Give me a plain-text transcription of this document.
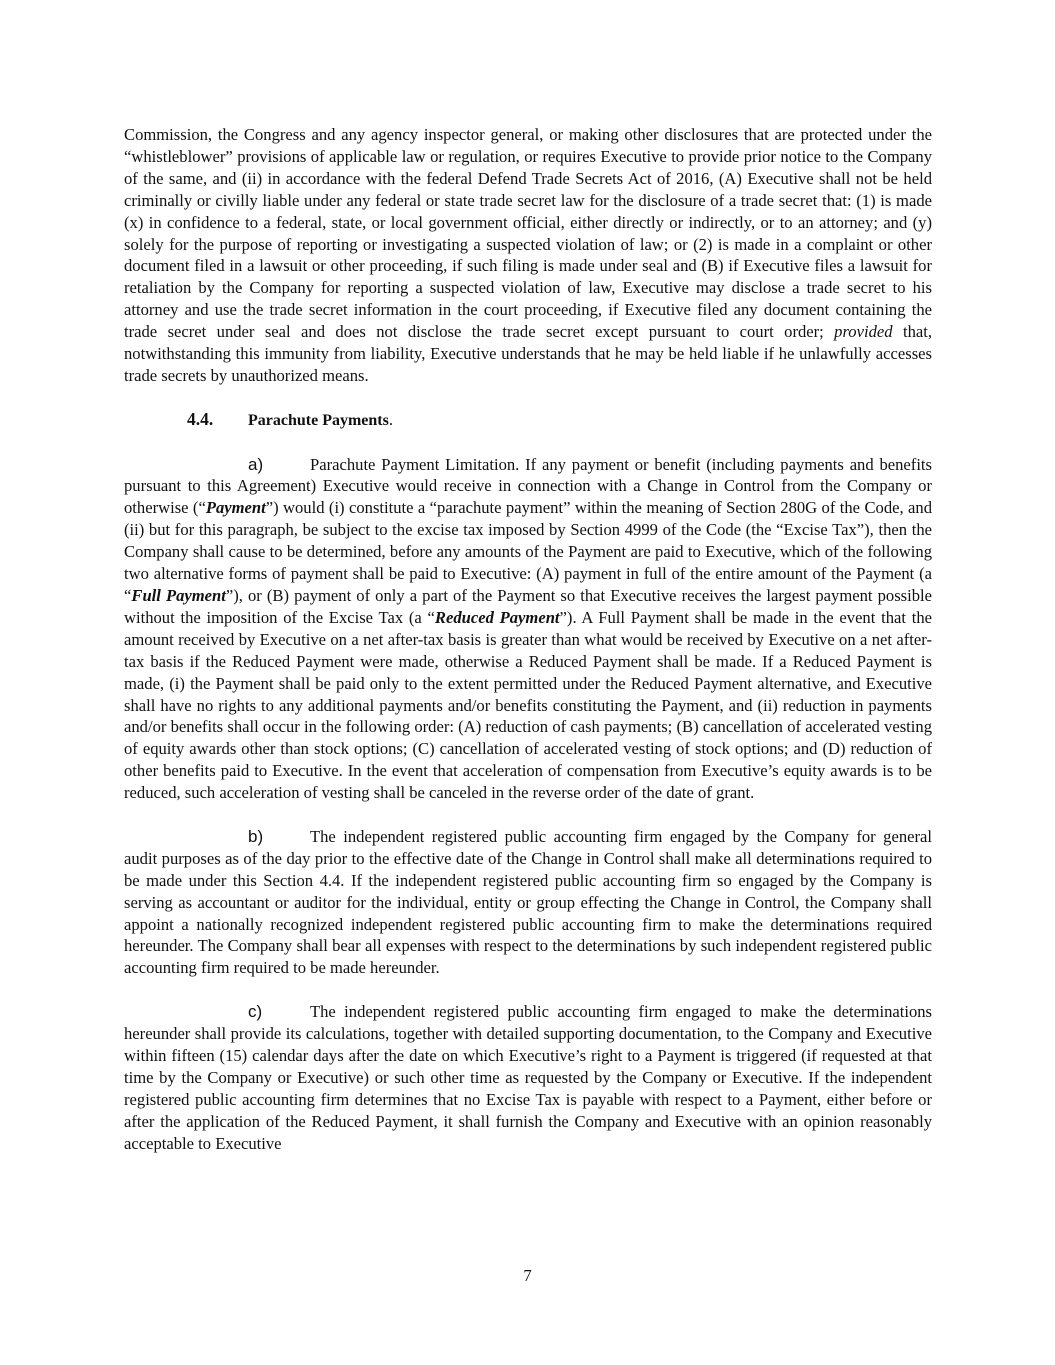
Commission, the Congress and any agency inspector general, or making other disclosures that are protected under the “whistleblower” provisions of applicable law or regulation, or requires Executive to provide prior notice to the Company of the same, and (ii) in accordance with the federal Defend Trade Secrets Act of 2016, (A) Executive shall not be held criminally or civilly liable under any federal or state trade secret law for the disclosure of a trade secret that: (1) is made (x) in confidence to a federal, state, or local government official, either directly or indirectly, or to an attorney; and (y) solely for the purpose of reporting or investigating a suspected violation of law; or (2) is made in a complaint or other document filed in a lawsuit or other proceeding, if such filing is made under seal and (B) if Executive files a lawsuit for retaliation by the Company for reporting a suspected violation of law, Executive may disclose a trade secret to his attorney and use the trade secret information in the court proceeding, if Executive filed any document containing the trade secret under seal and does not disclose the trade secret except pursuant to court order; provided that, notwithstanding this immunity from liability, Executive understands that he may be held liable if he unlawfully accesses trade secrets by unauthorized means.

4.4. Parachute Payments.

a)	Parachute Payment Limitation. If any payment or benefit (including payments and benefits pursuant to this Agreement) Executive would receive in connection with a Change in Control from the Company or otherwise (“Payment”) would (i) constitute a “parachute payment” within the meaning of Section 280G of the Code, and (ii) but for this paragraph, be subject to the excise tax imposed by Section 4999 of the Code (the “Excise Tax”), then the Company shall cause to be determined, before any amounts of the Payment are paid to Executive, which of the following two alternative forms of payment shall be paid to Executive: (A) payment in full of the entire amount of the Payment (a “Full Payment”), or (B) payment of only a part of the Payment so that Executive receives the largest payment possible without the imposition of the Excise Tax (a “Reduced Payment”). A Full Payment shall be made in the event that the amount received by Executive on a net after-tax basis is greater than what would be received by Executive on a net after-tax basis if the Reduced Payment were made, otherwise a Reduced Payment shall be made. If a Reduced Payment is made, (i) the Payment shall be paid only to the extent permitted under the Reduced Payment alternative, and Executive shall have no rights to any additional payments and/or benefits constituting the Payment, and (ii) reduction in payments and/or benefits shall occur in the following order: (A) reduction of cash payments; (B) cancellation of accelerated vesting of equity awards other than stock options; (C) cancellation of accelerated vesting of stock options; and (D) reduction of other benefits paid to Executive. In the event that acceleration of compensation from Executive’s equity awards is to be reduced, such acceleration of vesting shall be canceled in the reverse order of the date of grant.

b)	The independent registered public accounting firm engaged by the Company for general audit purposes as of the day prior to the effective date of the Change in Control shall make all determinations required to be made under this Section 4.4. If the independent registered public accounting firm so engaged by the Company is serving as accountant or auditor for the individual, entity or group effecting the Change in Control, the Company shall appoint a nationally recognized independent registered public accounting firm to make the determinations required hereunder. The Company shall bear all expenses with respect to the determinations by such independent registered public accounting firm required to be made hereunder.

c)	The independent registered public accounting firm engaged to make the determinations hereunder shall provide its calculations, together with detailed supporting documentation, to the Company and Executive within fifteen (15) calendar days after the date on which Executive’s right to a Payment is triggered (if requested at that time by the Company or Executive) or such other time as requested by the Company or Executive. If the independent registered public accounting firm determines that no Excise Tax is payable with respect to a Payment, either before or after the application of the Reduced Payment, it shall furnish the Company and Executive with an opinion reasonably acceptable to Executive

7
